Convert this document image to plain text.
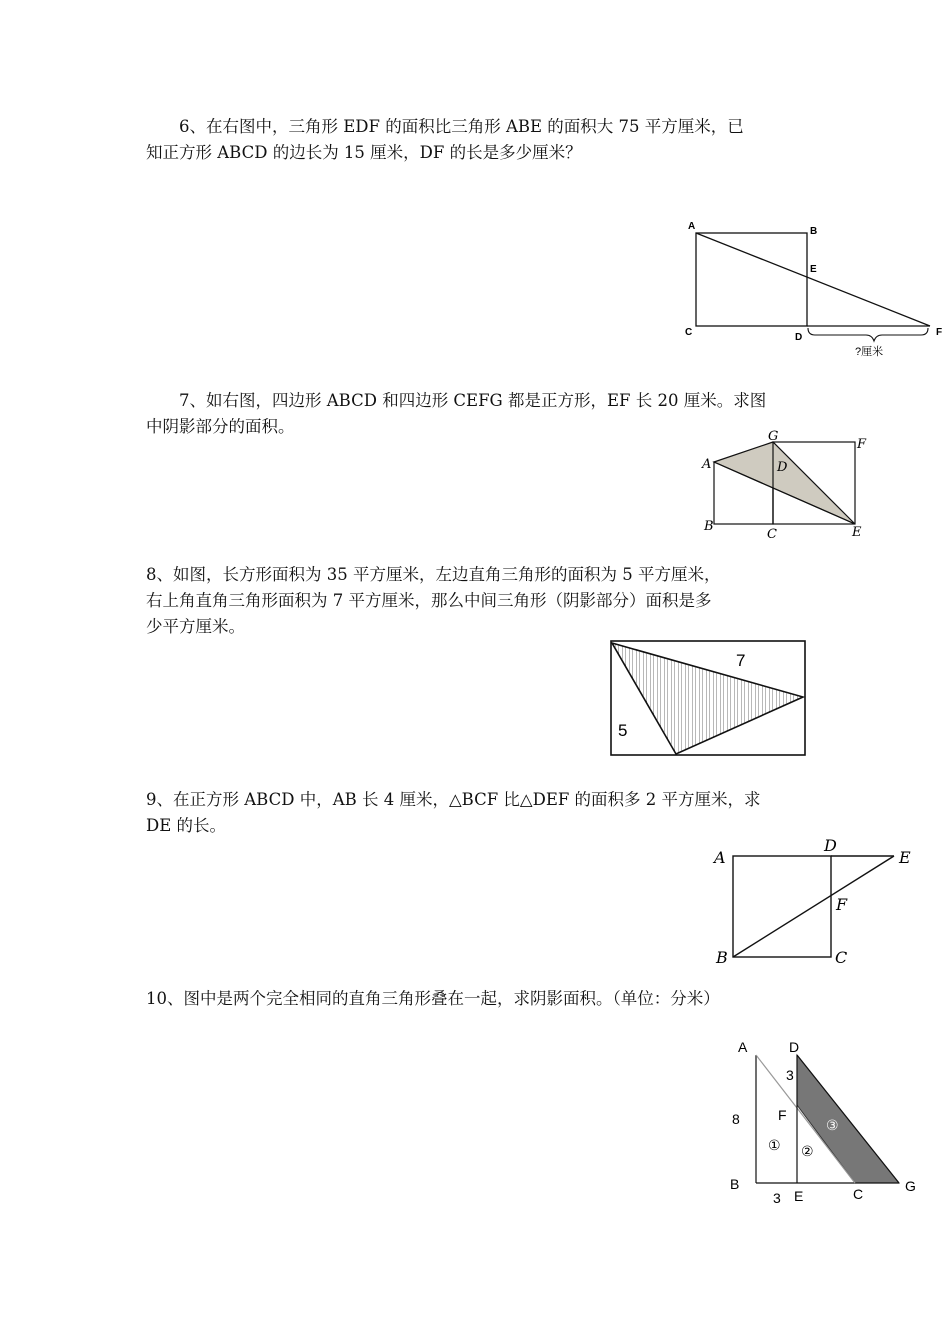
　　6、在右图中，三角形 EDF 的面积比三角形 ABE 的面积大 75 平方厘米，已
知正方形 ABCD 的边长为 15 厘米，DF 的长是多少厘米？

A	B
E
C	D	F
?厘米

　　7、如右图，四边形 ABCD 和四边形 CEFG 都是正方形，EF 长 20 厘米。求图
中阴影部分的面积。

G
F
A	D
B
C	E

8、如图，长方形面积为 35 平方厘米，左边直角三角形的面积为 5 平方厘米，
右上角直角三角形面积为 7 平方厘米，那么中间三角形（阴影部分）面积是多
少平方厘米。

7
5

9、在正方形 ABCD 中，AB 长 4 厘米，△BCF 比△DEF 的面积多 2 平方厘米，求
DE 的长。

A
D
E
F
B	C

10、图中是两个完全相同的直角三角形叠在一起，求阴影面积。（单位：分米）

A	D
3
8	F
① ②
③
B	G
3 E	C
